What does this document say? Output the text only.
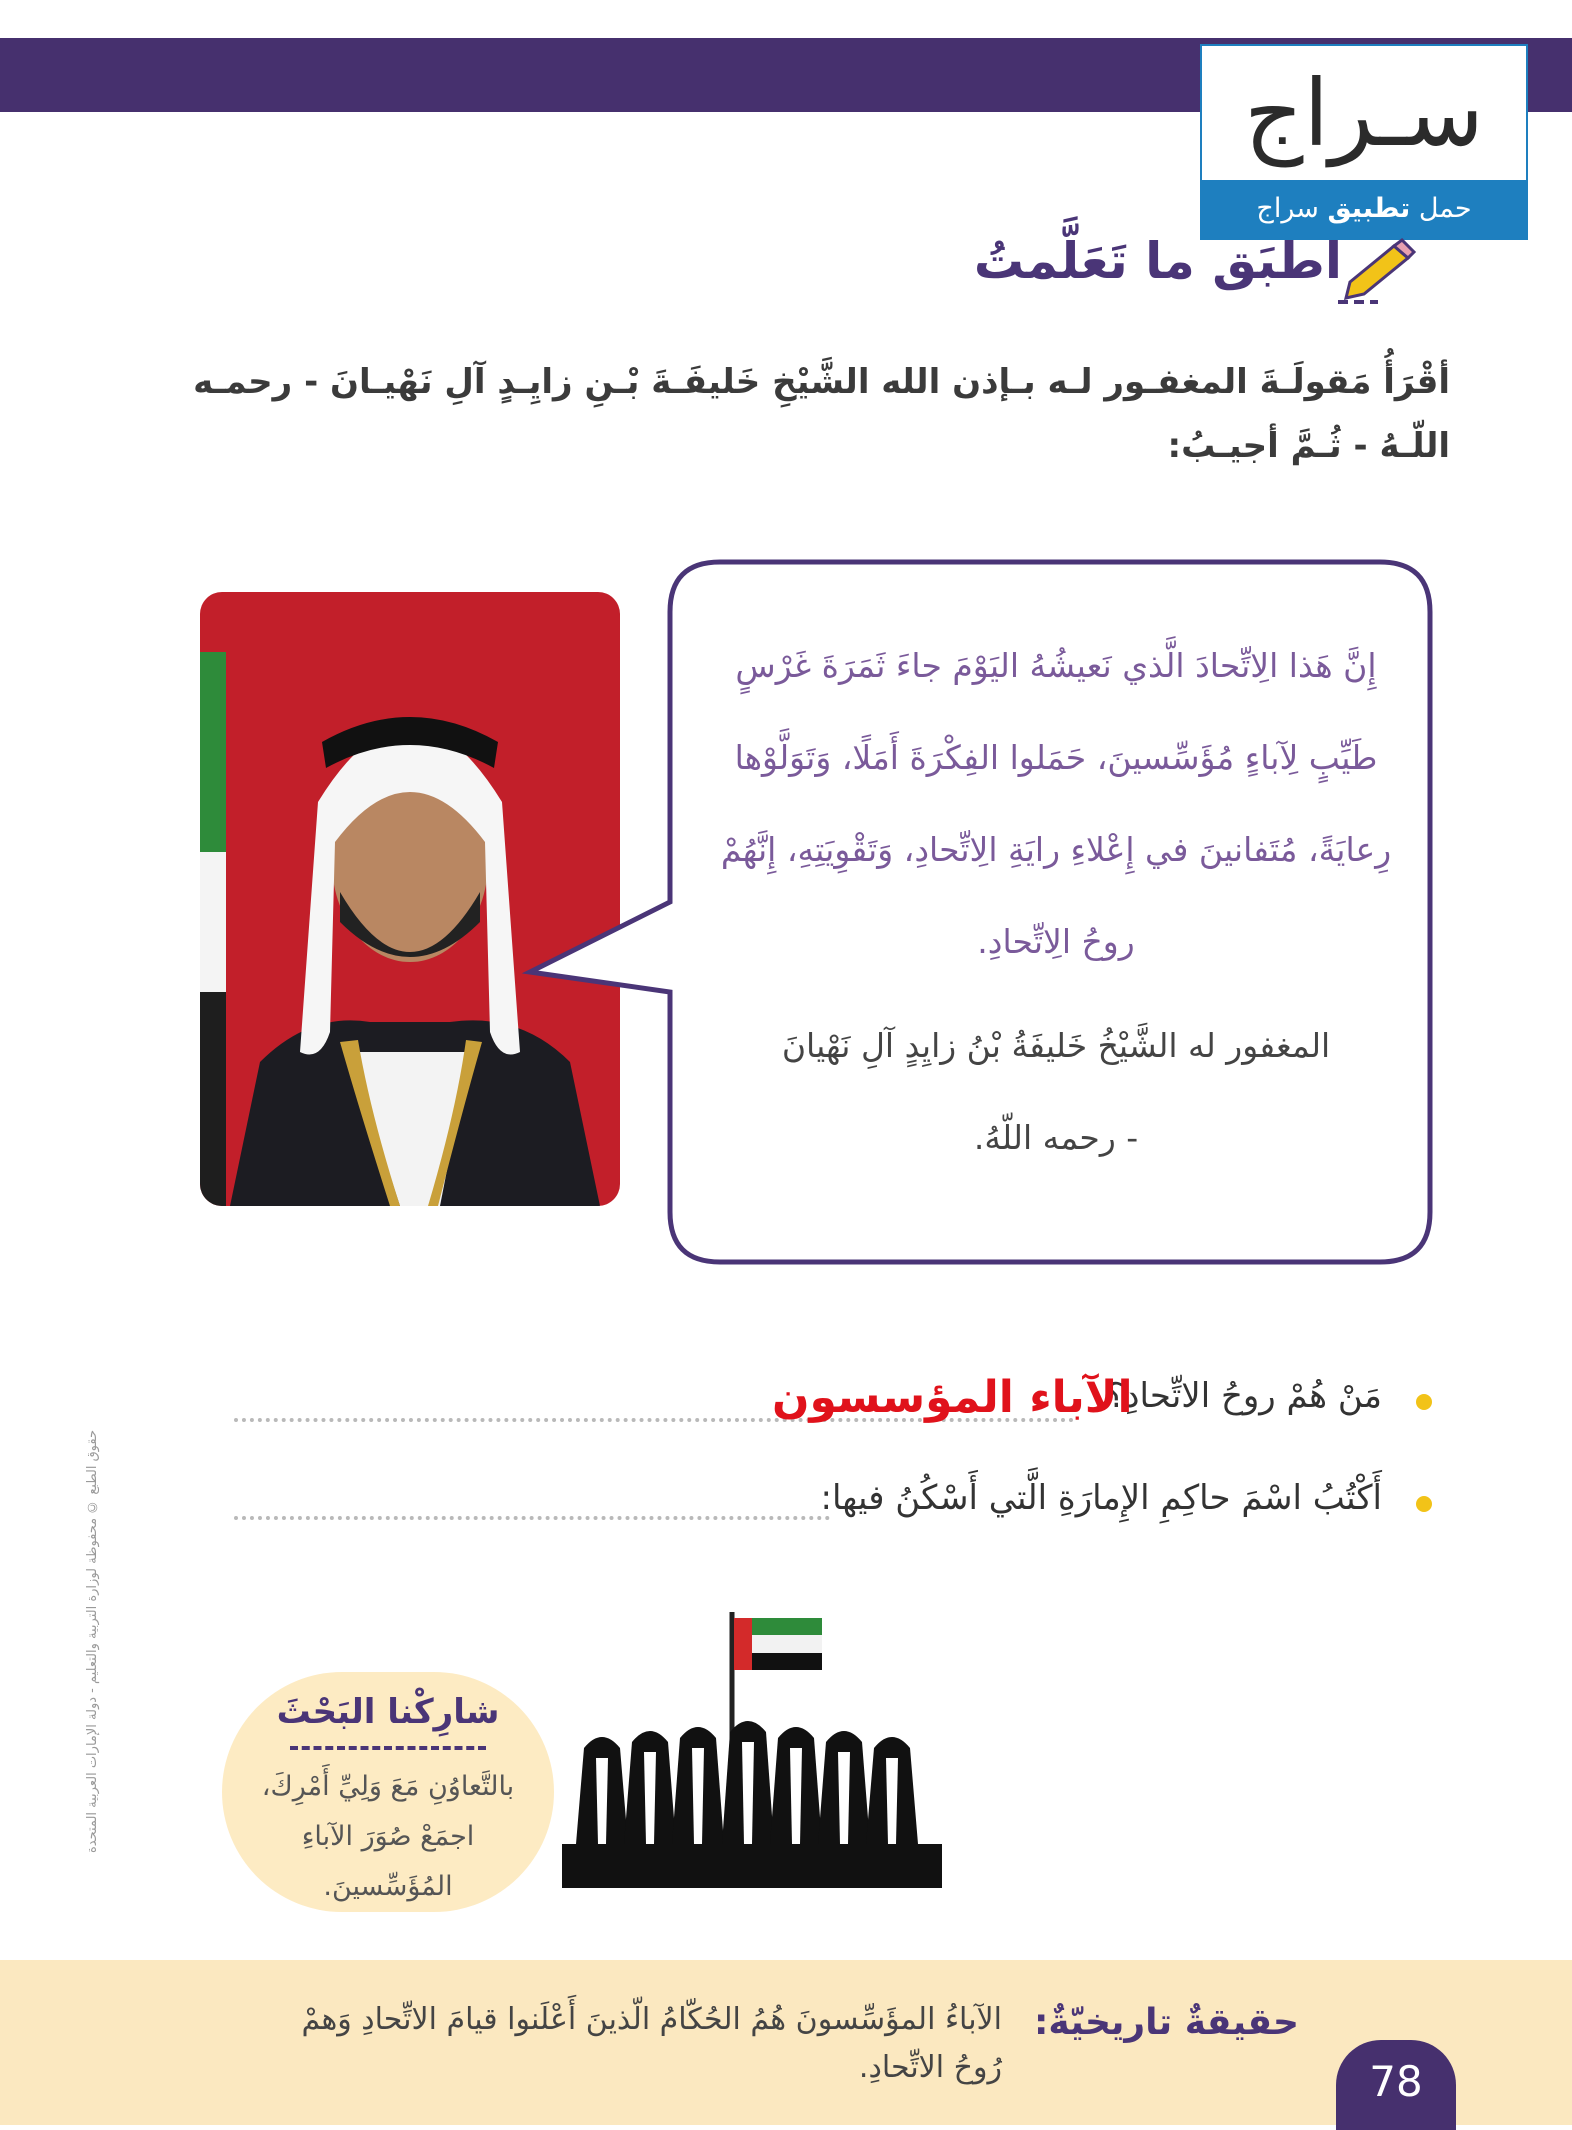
سـراج
حمل تطبيق سراج
اطبَق ما تَعَلَّمتُ
أقْرَأُ مَقولَـةَ المغفـور لـه بـإذن الله الشَّيْخِ خَليفَـةَ بْـنِ زايِـدٍ آلِ نَهْيـانَ - رحمـه اللّـهُ - ثُـمَّ أجيـبُ:

إِنَّ هَذا الِاتِّحادَ الَّذي نَعيشُهُ اليَوْمَ جاءَ ثَمَرَةَ غَرْسٍ

طَيِّبٍ لِآباءٍ مُؤَسِّسينَ، حَمَلوا الفِكْرَةَ أَمَلًا، وَتَوَلَّوْها

رِعايَةً، مُتَفانينَ في إِعْلاءِ رايَةِ الِاتِّحادِ، وَتَقْوِيَتِهِ، إِنَّهُمْ

روحُ الِاتِّحادِ.

المغفور له الشَّيْخُ خَليفَةُ بْنُ زايِدٍ آلِ نَهْيانَ

- رحمه اللّهُ.

حقوق الطبع © محفوظة لوزارة التربية والتعليم - دولة الإمارات العربية المتحدة
مَنْ هُمْ روحُ الاتِّحادِ؟
الآباء المؤسسون
أَكْتُبُ اسْمَ حاكِمِ الإِمارَةِ الَّتي أَسْكُنُ فيها:
شارِكْنا البَحْثَ
بالتَّعاوُنِ مَعَ وَلِيِّ أَمْرِكَ، اجمَعْ صُوَرَ الآباءِ المُؤَسِّسينَ.
حقيقةٌ تاريخيّةٌ:
الآباءُ المؤَسِّسونَ هُمُ الحُكّامُ الّذينَ أَعْلَنوا قيامَ الاتِّحادِ وَهمْ رُوحُ الاتِّحادِ.	78
